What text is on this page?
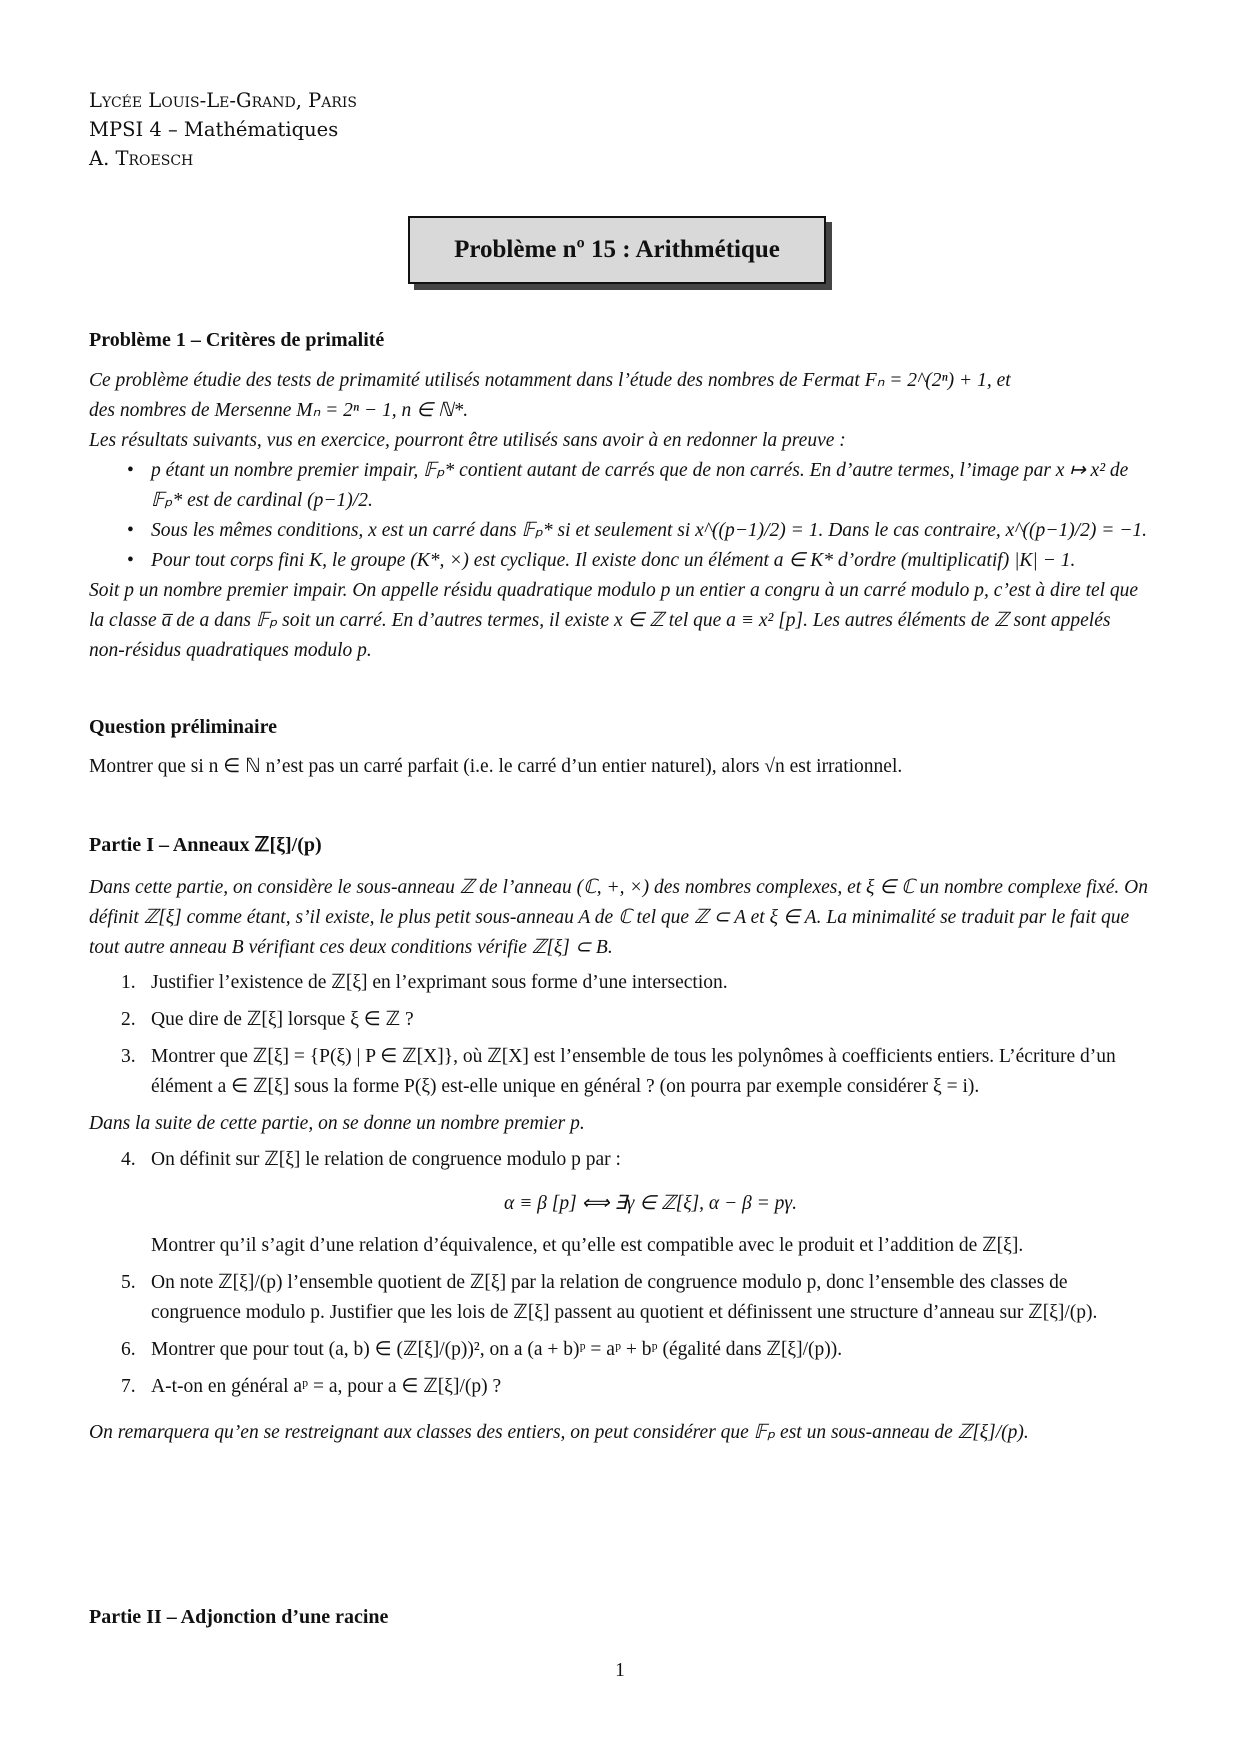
Lycée Louis-Le-Grand, Paris
MPSI 4 – Mathématiques
A. Troesch
Problème nº 15 : Arithmétique
Problème 1 – Critères de primalité

Ce problème étudie des tests de primamité utilisés notamment dans l’étude des nombres de Fermat Fₙ = 2^(2ⁿ) + 1, et

des nombres de Mersenne Mₙ = 2ⁿ − 1, n ∈ ℕ*.

Les résultats suivants, vus en exercice, pourront être utilisés sans avoir à en redonner la preuve :

• p étant un nombre premier impair, 𝔽ₚ* contient autant de carrés que de non carrés. En d’autre termes, l’image par x ↦ x² de 𝔽ₚ* est de cardinal (p−1)/2.
• Sous les mêmes conditions, x est un carré dans 𝔽ₚ* si et seulement si x^((p−1)/2) = 1. Dans le cas contraire, x^((p−1)/2) = −1.
• Pour tout corps fini K, le groupe (K*, ×) est cyclique. Il existe donc un élément a ∈ K* d’ordre (multiplicatif) |K| − 1.

Soit p un nombre premier impair. On appelle résidu quadratique modulo p un entier a congru à un carré modulo p, c’est à dire tel que la classe a̅ de a dans 𝔽ₚ soit un carré. En d’autres termes, il existe x ∈ ℤ tel que a ≡ x² [p]. Les autres éléments de ℤ sont appelés non-résidus quadratiques modulo p.

Question préliminaire
Montrer que si n ∈ ℕ n’est pas un carré parfait (i.e. le carré d’un entier naturel), alors √n est irrationnel.
Partie I – Anneaux ℤ[ξ]/(p)
Dans cette partie, on considère le sous-anneau ℤ de l’anneau (ℂ, +, ×) des nombres complexes, et ξ ∈ ℂ un nombre complexe fixé. On définit ℤ[ξ] comme étant, s’il existe, le plus petit sous-anneau A de ℂ tel que ℤ ⊂ A et ξ ∈ A. La minimalité se traduit par le fait que tout autre anneau B vérifiant ces deux conditions vérifie ℤ[ξ] ⊂ B.
1. Justifier l’existence de ℤ[ξ] en l’exprimant sous forme d’une intersection.
2. Que dire de ℤ[ξ] lorsque ξ ∈ ℤ ?
3. Montrer que ℤ[ξ] = {P(ξ) | P ∈ ℤ[X]}, où ℤ[X] est l’ensemble de tous les polynômes à coefficients entiers. L’écriture d’un élément a ∈ ℤ[ξ] sous la forme P(ξ) est-elle unique en général ? (on pourra par exemple considérer ξ = i).

Dans la suite de cette partie, on se donne un nombre premier p.

4. On définit sur ℤ[ξ] le relation de congruence modulo p par :
α ≡ β [p] ⟺ ∃γ ∈ ℤ[ξ], α − β = pγ.
Montrer qu’il s’agit d’une relation d’équivalence, et qu’elle est compatible avec le produit et l’addition de ℤ[ξ].
5. On note ℤ[ξ]/(p) l’ensemble quotient de ℤ[ξ] par la relation de congruence modulo p, donc l’ensemble des classes de congruence modulo p. Justifier que les lois de ℤ[ξ] passent au quotient et définissent une structure d’anneau sur ℤ[ξ]/(p).
6. Montrer que pour tout (a, b) ∈ (ℤ[ξ]/(p))², on a (a + b)ᵖ = aᵖ + bᵖ (égalité dans ℤ[ξ]/(p)).
7. A-t-on en général aᵖ = a, pour a ∈ ℤ[ξ]/(p) ?

On remarquera qu’en se restreignant aux classes des entiers, on peut considérer que 𝔽ₚ est un sous-anneau de ℤ[ξ]/(p).

Partie II – Adjonction d’une racine
1
